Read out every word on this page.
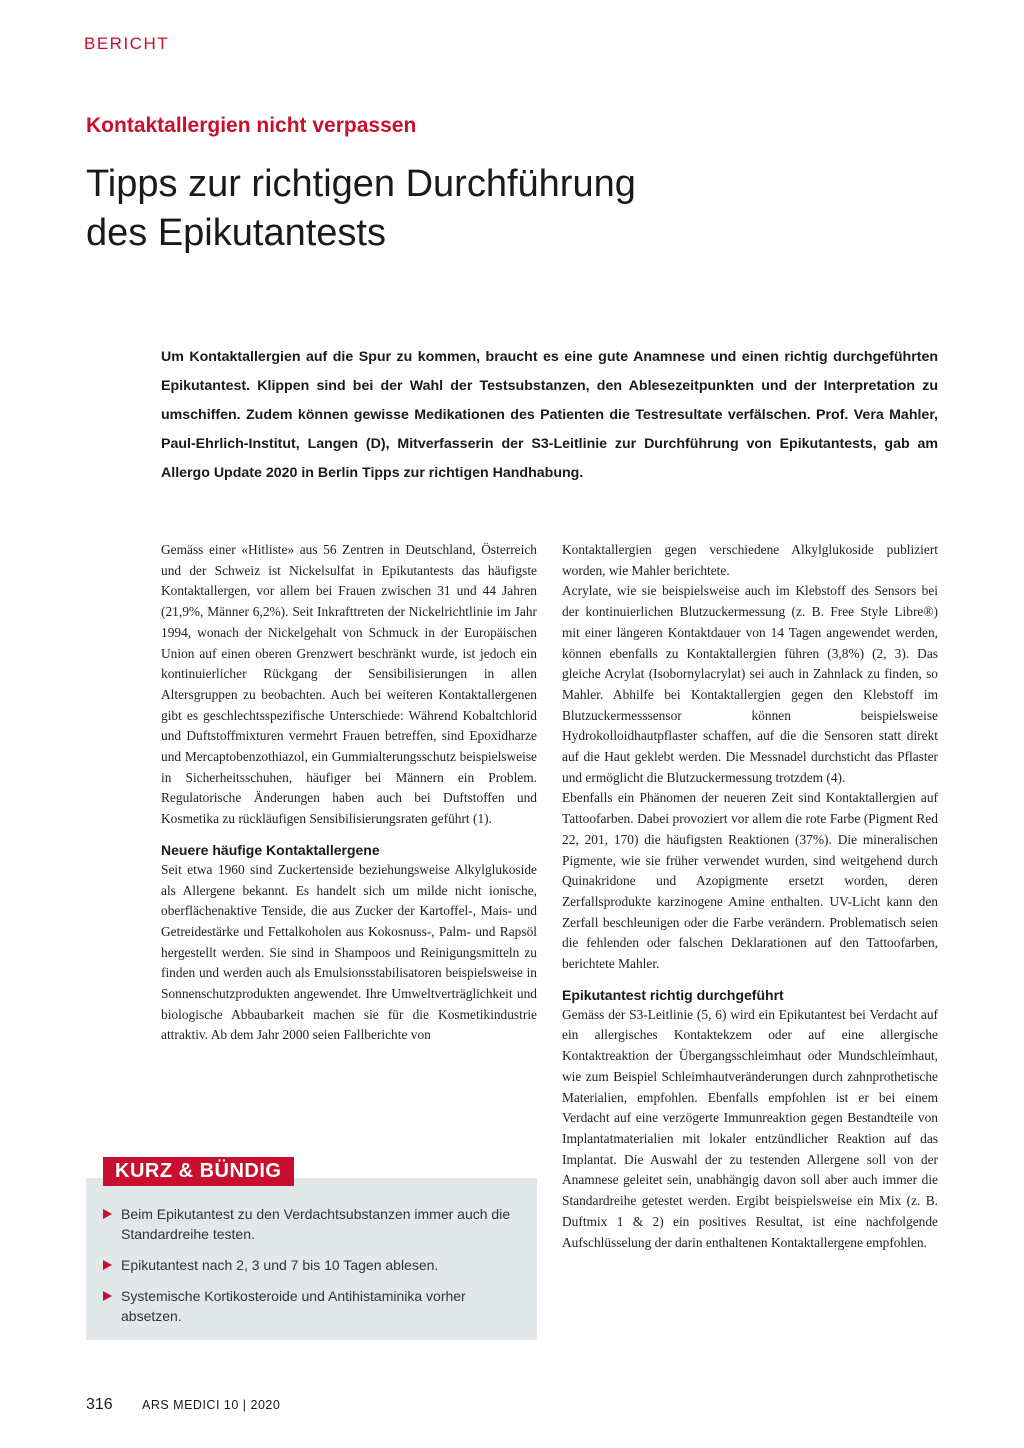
BERICHT
Kontaktallergien nicht verpassen
Tipps zur richtigen Durchführung
des Epikutantests
Um Kontaktallergien auf die Spur zu kommen, braucht es eine gute Anamnese und einen richtig durchgeführten Epikutantest. Klippen sind bei der Wahl der Testsubstanzen, den Ablesezeitpunkten und der Interpretation zu umschiffen. Zudem können gewisse Medikationen des Patienten die Testresultate verfälschen. Prof. Vera Mahler, Paul-Ehrlich-Institut, Langen (D), Mitverfasserin der S3-Leitlinie zur Durchführung von Epikutantests, gab am Allergo Update 2020 in Berlin Tipps zur richtigen Handhabung.

Gemäss einer «Hitliste» aus 56 Zentren in Deutschland, Österreich und der Schweiz ist Nickelsulfat in Epikutantests das häufigste Kontaktallergen, vor allem bei Frauen zwischen 31 und 44 Jahren (21,9%, Männer 6,2%). Seit Inkrafttreten der Nickelrichtlinie im Jahr 1994, wonach der Nickelgehalt von Schmuck in der Europäischen Union auf einen oberen Grenzwert beschränkt wurde, ist jedoch ein kontinuierlicher Rückgang der Sensibilisierungen in allen Altersgruppen zu beobachten. Auch bei weiteren Kontaktallergenen gibt es geschlechtsspezifische Unterschiede: Während Kobaltchlorid und Duftstoffmixturen vermehrt Frauen betreffen, sind Epoxidharze und Mercaptobenzothiazol, ein Gummialterungsschutz beispielsweise in Sicherheitsschuhen, häufiger bei Männern ein Problem. Regulatorische Änderungen haben auch bei Duftstoffen und Kosmetika zu rückläufigen Sensibilisierungsraten geführt (1).

Neuere häufige Kontaktallergene

Seit etwa 1960 sind Zuckertenside beziehungsweise Alkylglukoside als Allergene bekannt. Es handelt sich um milde nicht ionische, oberflächenaktive Tenside, die aus Zucker der Kartoffel-, Mais- und Getreidestärke und Fettalkoholen aus Kokosnuss-, Palm- und Rapsöl hergestellt werden. Sie sind in Shampoos und Reinigungsmitteln zu finden und werden auch als Emulsionsstabilisatoren beispielsweise in Sonnenschutzprodukten angewendet. Ihre Umweltverträglichkeit und biologische Abbaubarkeit machen sie für die Kosmetikindustrie attraktiv. Ab dem Jahr 2000 seien Fallberichte von

Kontaktallergien gegen verschiedene Alkylglukoside publiziert worden, wie Mahler berichtete.

Acrylate, wie sie beispielsweise auch im Klebstoff des Sensors bei der kontinuierlichen Blutzuckermessung (z. B. Free Style Libre®) mit einer längeren Kontaktdauer von 14 Tagen angewendet werden, können ebenfalls zu Kontaktallergien führen (3,8%) (2, 3). Das gleiche Acrylat (Isobornylacrylat) sei auch in Zahnlack zu finden, so Mahler. Abhilfe bei Kontaktallergien gegen den Klebstoff im Blutzuckermesssensor können beispielsweise Hydrokolloidhautpflaster schaffen, auf die die Sensoren statt direkt auf die Haut geklebt werden. Die Messnadel durchsticht das Pflaster und ermöglicht die Blutzuckermessung trotzdem (4).

Ebenfalls ein Phänomen der neueren Zeit sind Kontaktallergien auf Tattoofarben. Dabei provoziert vor allem die rote Farbe (Pigment Red 22, 201, 170) die häufigsten Reaktionen (37%). Die mineralischen Pigmente, wie sie früher verwendet wurden, sind weitgehend durch Quinakridone und Azopigmente ersetzt worden, deren Zerfallsprodukte karzinogene Amine enthalten. UV-Licht kann den Zerfall beschleunigen oder die Farbe verändern. Problematisch seien die fehlenden oder falschen Deklarationen auf den Tattoofarben, berichtete Mahler.

Epikutantest richtig durchgeführt

Gemäss der S3-Leitlinie (5, 6) wird ein Epikutantest bei Verdacht auf ein allergisches Kontaktekzem oder auf eine allergische Kontaktreaktion der Übergangsschleimhaut oder Mundschleimhaut, wie zum Beispiel Schleimhautveränderungen durch zahnprothetische Materialien, empfohlen. Ebenfalls empfohlen ist er bei einem Verdacht auf eine verzögerte Immunreaktion gegen Bestandteile von Implantatmaterialien mit lokaler entzündlicher Reaktion auf das Implantat. Die Auswahl der zu testenden Allergene soll von der Anamnese geleitet sein, unabhängig davon soll aber auch immer die Standardreihe getestet werden. Ergibt beispielsweise ein Mix (z. B. Duftmix 1 & 2) ein positives Resultat, ist eine nachfolgende Aufschlüsselung der darin enthaltenen Kontaktallergene empfohlen.

KURZ & BÜNDIG
Beim Epikutantest zu den Verdachtsubstanzen immer auch die Standardreihe testen.
Epikutantest nach 2, 3 und 7 bis 10 Tagen ablesen.
Systemische Kortikosteroide und Antihistaminika vorher absetzen.
316 ARS MEDICI 10 | 2020
